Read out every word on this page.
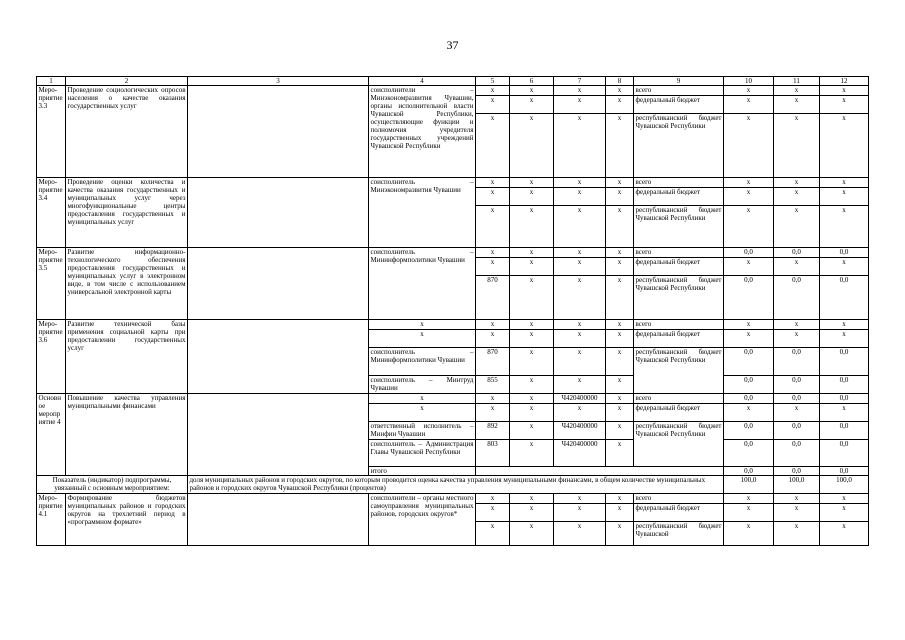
37
1	2	3	4	5	6	7	8	9	10	11	12
Меро-приятие 3.3	Проведение социологических опросов населения о качестве оказания государственных услуг		соисполнители – Минэкономразвития Чувашии, органы исполнительной власти Чувашской Республики, осуществляющие функции и полномочия учредителя государственных учреждений Чувашской Республики	x	x	x	x	всего	x	x	x
				x	x	x	x	федеральный бюджет	x	x	x
				x	x	x	x	республиканский бюджет Чувашской Республики	x	x	x
Меро-приятие 3.4	Проведение оценки количества и качества оказания государственных и муниципальных услуг через многофункциональные центры предоставления государственных и муниципальных услуг		соисполнитель – Минэкономразвития Чувашии	x	x	x	x	всего	x	x	x
				x	x	x	x	федеральный бюджет	x	x	x
				x	x	x	x	республиканский бюджет Чувашской Республики	x	x	x
Меро-приятие 3.5	Развитие информационно-технологического обеспечения предоставления государственных и муниципальных услуг в электронном виде, в том числе с использованием универсальной электронной карты		соисполнитель – Мининформполитики Чувашии	x	x	x	x	всего	0,0	0,0	0,0
				x	x	x	x	федеральный бюджет	x	x	x
				870	x	x	x	республиканский бюджет Чувашской Республики	0,0	0,0	0,0
Меро-приятие 3.6	Развитие технической базы применения социальной карты при предоставлении государственных услуг		x	x	x	x	x	всего	x	x	x
			x	x	x	x	x	федеральный бюджет	x	x	x
			соисполнитель – Мининформполитики Чувашии	870	x	x	x	республиканский бюджет Чувашской Республики	0,0	0,0	0,0
			соисполнитель – Минтруд Чувашии	855	x	x	x		0,0	0,0	0,0
Основное мероприятие 4	Повышение качества управления муниципальными финансами		x	x	x	Ч420400000	x	всего	0,0	0,0	0,0
			x	x	x	x	x	федеральный бюджет	x	x	x
			ответственный исполнитель – Минфин Чувашии	892	x	Ч420400000	x	республиканский бюджет Чувашской Республики	0,0	0,0	0,0
			соисполнитель – Администрация Главы Чувашской Республики	803	x	Ч420400000	x		0,0	0,0	0,0
			итого						0,0	0,0	0,0
Показатель (индикатор) подпрограммы, увязанный с основным мероприятием:		доля муниципальных районов и городских округов, по которым проводится оценка качества управления муниципальными финансами, в общем количестве муниципальных районов и городских округов Чувашской Республики (процентов)							100,0	100,0	100,0
Меро-приятие 4.1	Формирование бюджетов муниципальных районов и городских округов на трехлетний период в «программном формате»		соисполнители – органы местного самоуправления муниципальных районов, городских округов*	x	x	x	x	всего	x	x	x
				x	x	x	x	федеральный бюджет	x	x	x
				x	x	x	x	республиканский бюджет Чувашской	x	x	x
